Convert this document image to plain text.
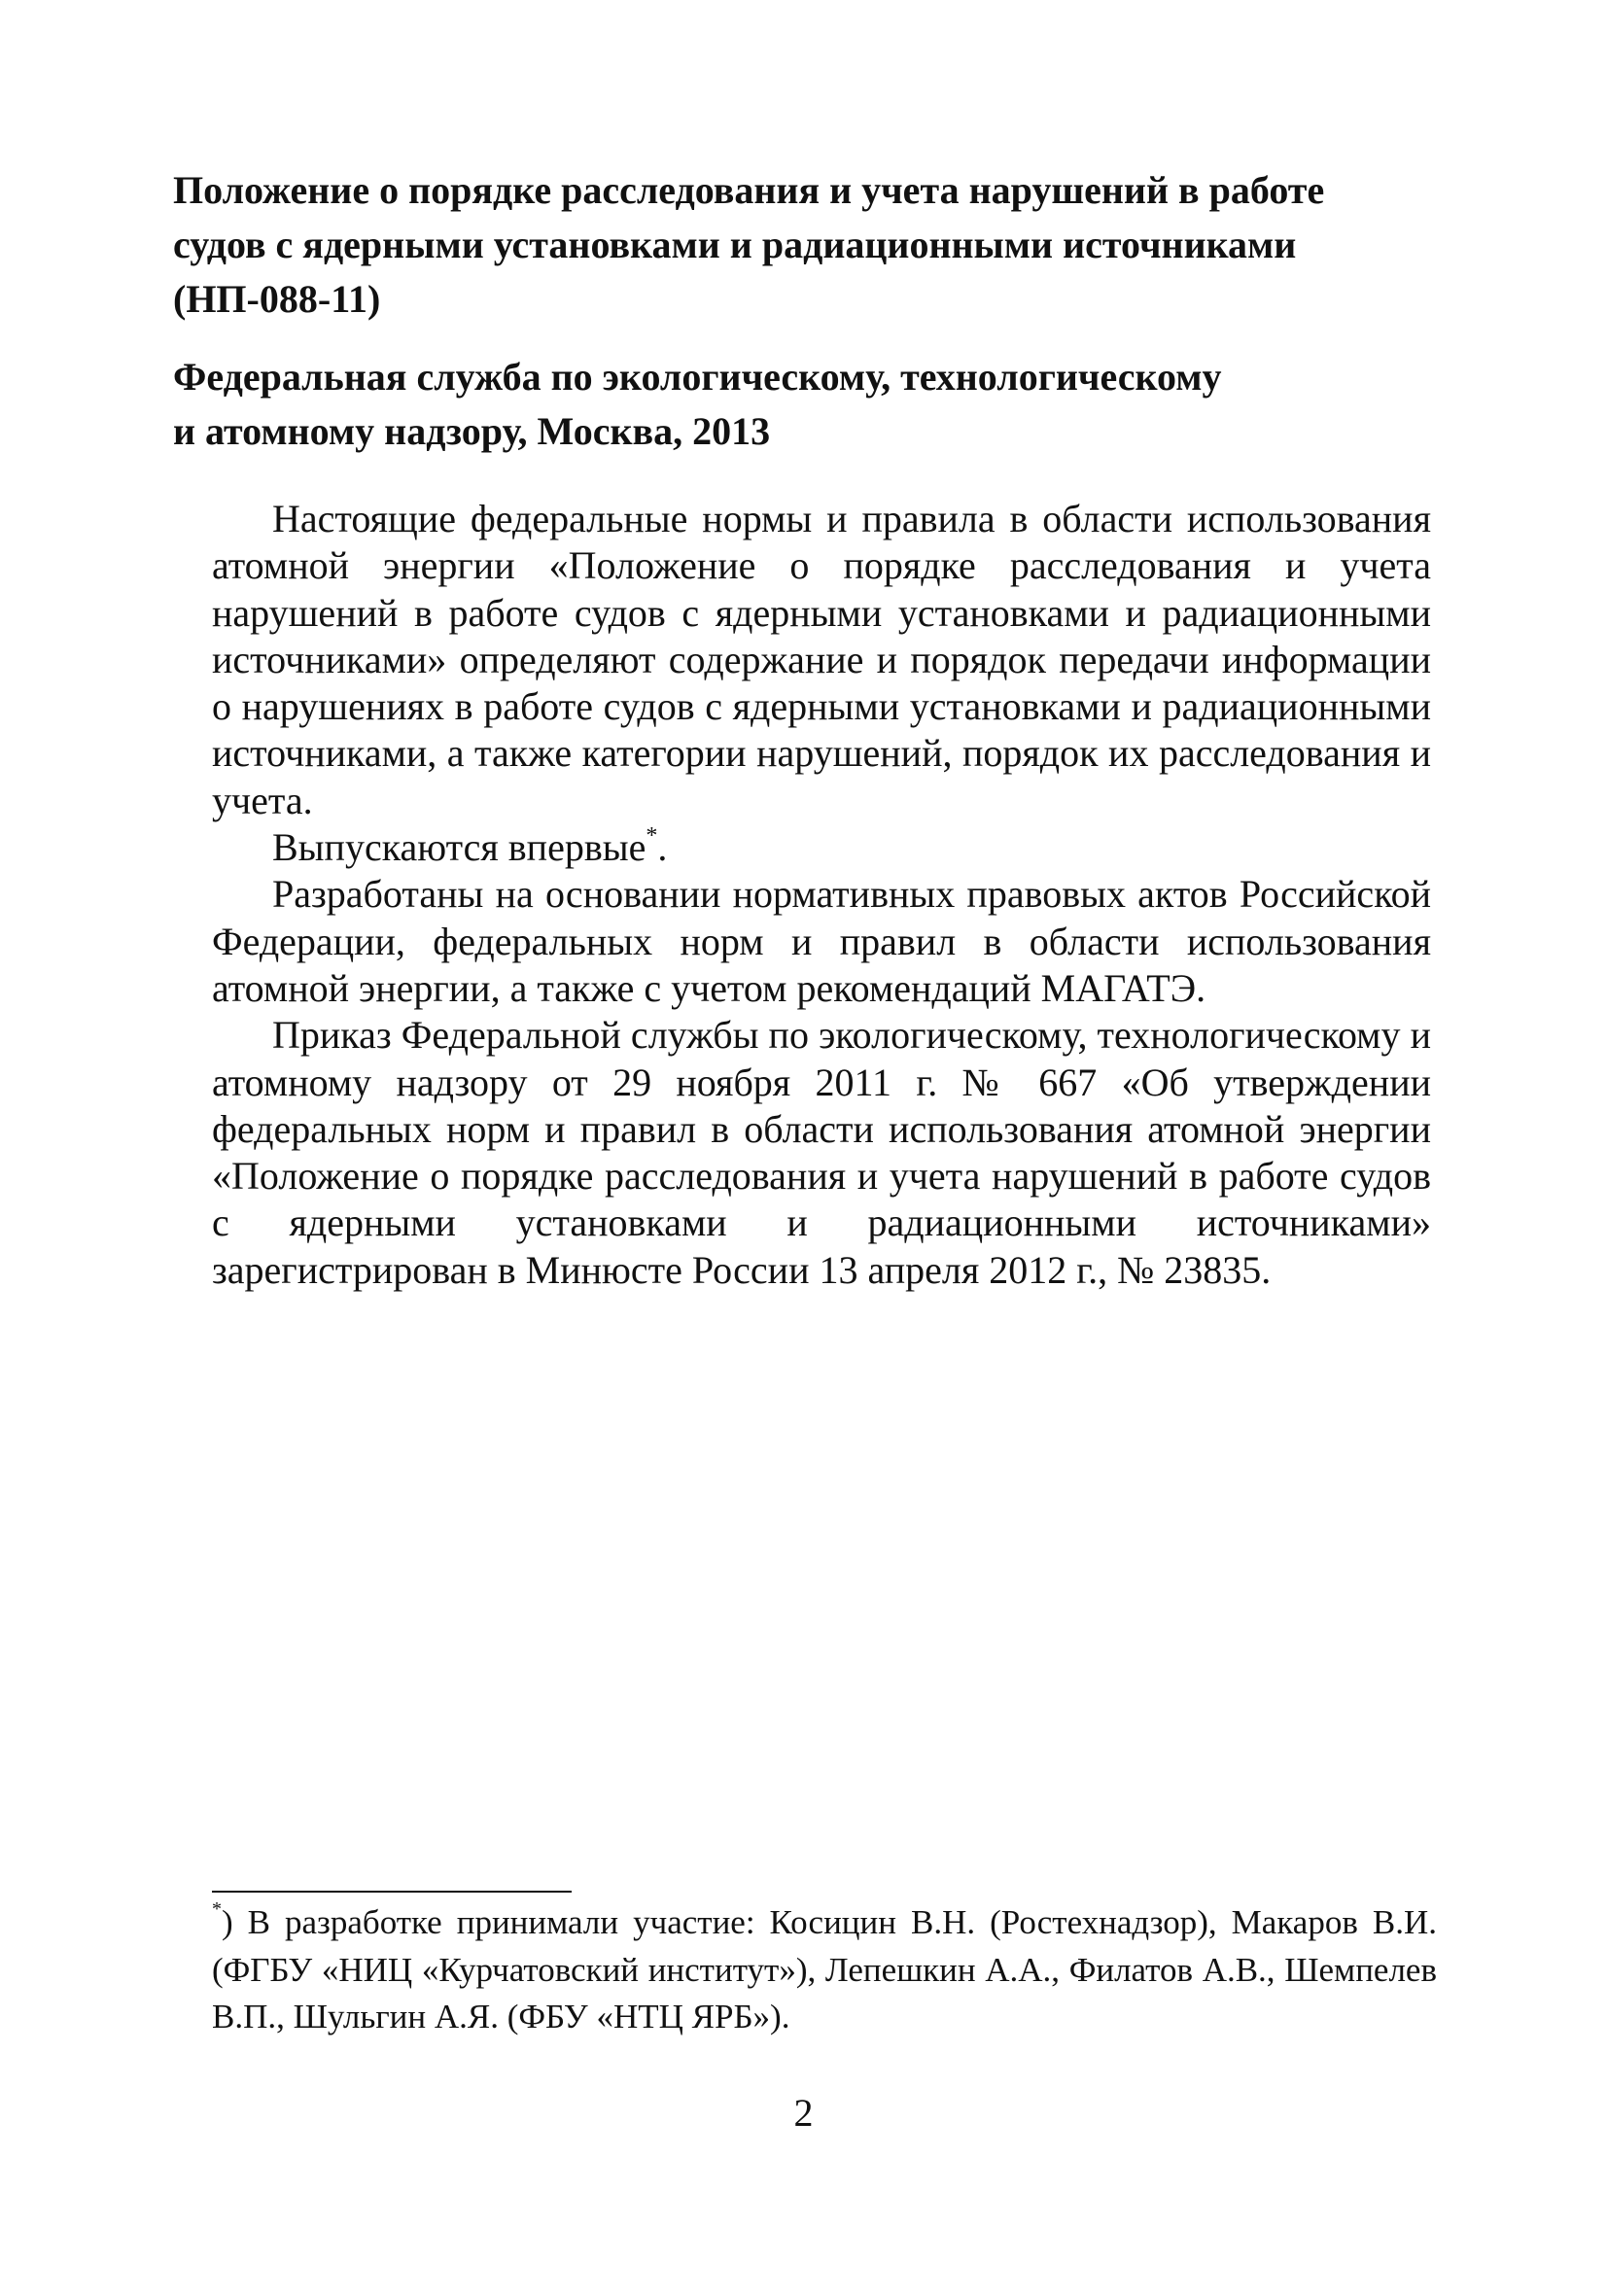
Положение о порядке расследования и учета нарушений в работе
судов с ядерными установками и радиационными источниками
(НП-088-11)
Федеральная служба по экологическому, технологическому
и атомному надзору, Москва, 2013

Настоящие федеральные нормы и правила в области использования атомной энергии «Положение о порядке расследования и учета нарушений в работе судов с ядерными установками и радиационными источниками» определяют содержание и порядок передачи информации о нарушениях в работе судов с ядерными установками и радиационными источниками, а также категории нарушений, порядок их расследования и учета.

Выпускаются впервые*.

Разработаны на основании нормативных правовых актов Российской Федерации, федеральных норм и правил в области использования атомной энергии, а также с учетом рекомендаций МАГАТЭ.

Приказ Федеральной службы по экологическому, технологическому и атомному надзору от 29 ноября 2011 г. № 667 «Об утверждении федеральных норм и правил в области использования атомной энергии «Положение о порядке расследования и учета нарушений в работе судов с ядерными установками и радиационными источниками» зарегистрирован в Минюсте России 13 апреля 2012 г., № 23835.

*) В разработке принимали участие: Косицин В.Н. (Ростехнадзор), Макаров В.И. (ФГБУ «НИЦ «Курчатовский институт»), Лепешкин А.А., Филатов А.В., Шемпелев В.П., Шульгин А.Я. (ФБУ «НТЦ ЯРБ»).
2
